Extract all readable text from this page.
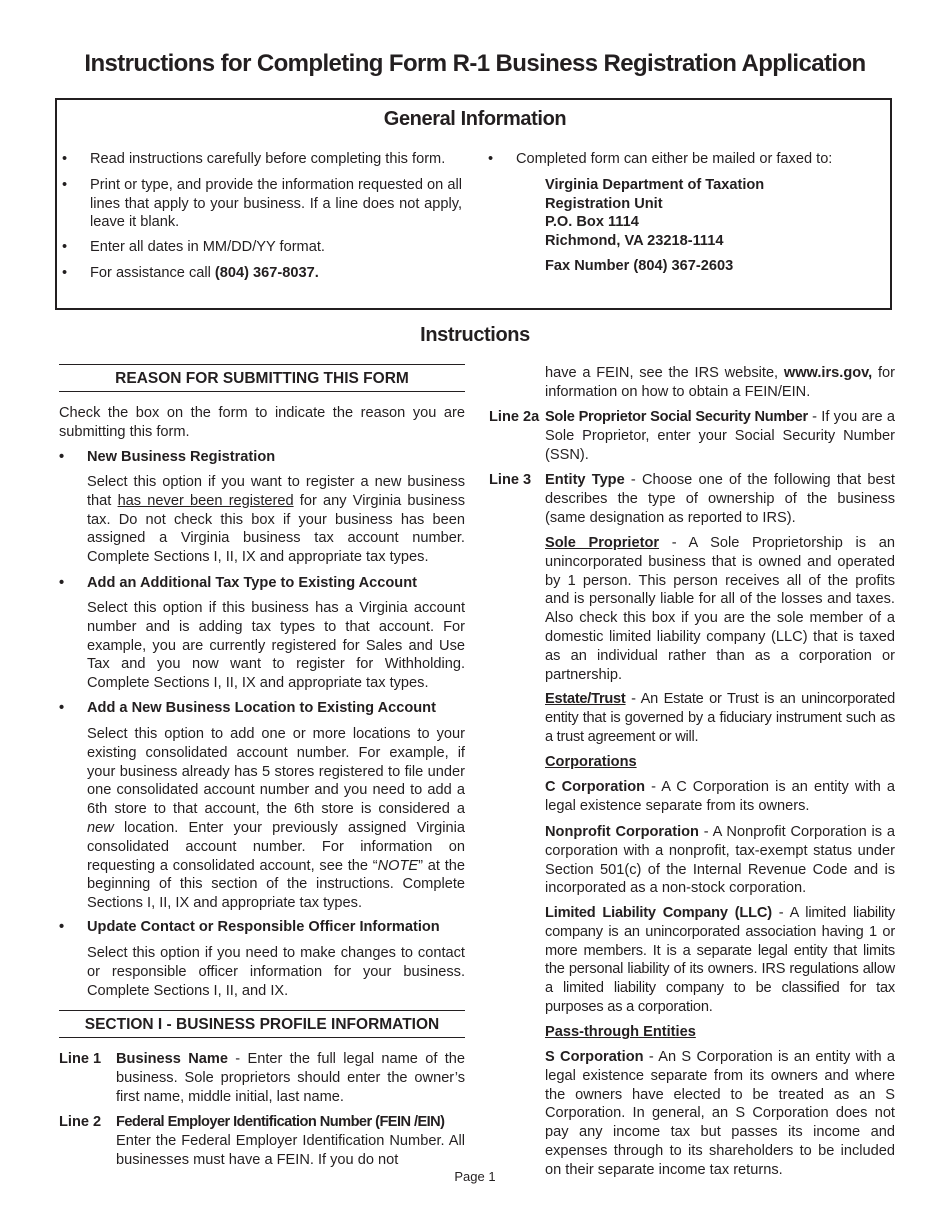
Instructions for Completing Form R-1 Business Registration Application
General Information
• Read instructions carefully before completing this form.
• Print or type, and provide the information requested on all lines that apply to your business. If a line does not apply, leave it blank.
• Enter all dates in MM/DD/YY format.
• For assistance call (804) 367-8037.
• Completed form can either be mailed or faxed to:
Virginia Department of Taxation
Registration Unit
P.O. Box 1114
Richmond, VA 23218-1114
Fax Number (804) 367-2603
Instructions
REASON FOR SUBMITTING THIS FORM
Check the box on the form to indicate the reason you are submitting this form.
• New Business Registration
Select this option if you want to register a new business that has never been registered for any Virginia business tax. Do not check this box if your business has been assigned a Virginia business tax account number. Complete Sections I, II, IX and appropriate tax types.
• Add an Additional Tax Type to Existing Account
Select this option if this business has a Virginia account number and is adding tax types to that account. For example, you are currently registered for Sales and Use Tax and you now want to register for Withholding. Complete Sections I, II, IX and appropriate tax types.
• Add a New Business Location to Existing Account
Select this option to add one or more locations to your existing consolidated account number. For example, if your business already has 5 stores registered to file under one consolidated account number and you need to add a 6th store to that account, the 6th store is considered a new location. Enter your previously assigned Virginia consolidated account number. For information on requesting a consolidated account, see the “NOTE” at the beginning of this section of the instructions. Complete Sections I, II, IX and appropriate tax types.
• Update Contact or Responsible Officer Information
Select this option if you need to make changes to contact or responsible officer information for your business. Complete Sections I, II, and IX.
SECTION I - BUSINESS PROFILE INFORMATION
Line 1 Business Name - Enter the full legal name of the business. Sole proprietors should enter the owner’s first name, middle initial, last name.
Line 2 Federal Employer Identification Number (FEIN /EIN)
Enter the Federal Employer Identification Number. All businesses must have a FEIN. If you do not
have a FEIN, see the IRS website, www.irs.gov, for information on how to obtain a FEIN/EIN.
Line 2a Sole Proprietor Social Security Number - If you are a Sole Proprietor, enter your Social Security Number (SSN).
Line 3 Entity Type - Choose one of the following that best describes the type of ownership of the business (same designation as reported to IRS).
Sole Proprietor - A Sole Proprietorship is an unincorporated business that is owned and operated by 1 person. This person receives all of the profits and is personally liable for all of the losses and taxes. Also check this box if you are the sole member of a domestic limited liability company (LLC) that is taxed as an individual rather than as a corporation or partnership.
Estate/Trust - An Estate or Trust is an unincorporated entity that is governed by a fiduciary instrument such as a trust agreement or will.
Corporations
C Corporation - A C Corporation is an entity with a legal existence separate from its owners.
Nonprofit Corporation - A Nonprofit Corporation is a corporation with a nonprofit, tax-exempt status under Section 501(c) of the Internal Revenue Code and is incorporated as a non-stock corporation.
Limited Liability Company (LLC) - A limited liability company is an unincorporated association having 1 or more members. It is a separate legal entity that limits the personal liability of its owners. IRS regulations allow a limited liability company to be classified for tax purposes as a corporation.
Pass-through Entities
S Corporation - An S Corporation is an entity with a legal existence separate from its owners and where the owners have elected to be treated as an S Corporation. In general, an S Corporation does not pay any income tax but passes its income and expenses through to its shareholders to be included on their separate income tax returns.
Page 1
